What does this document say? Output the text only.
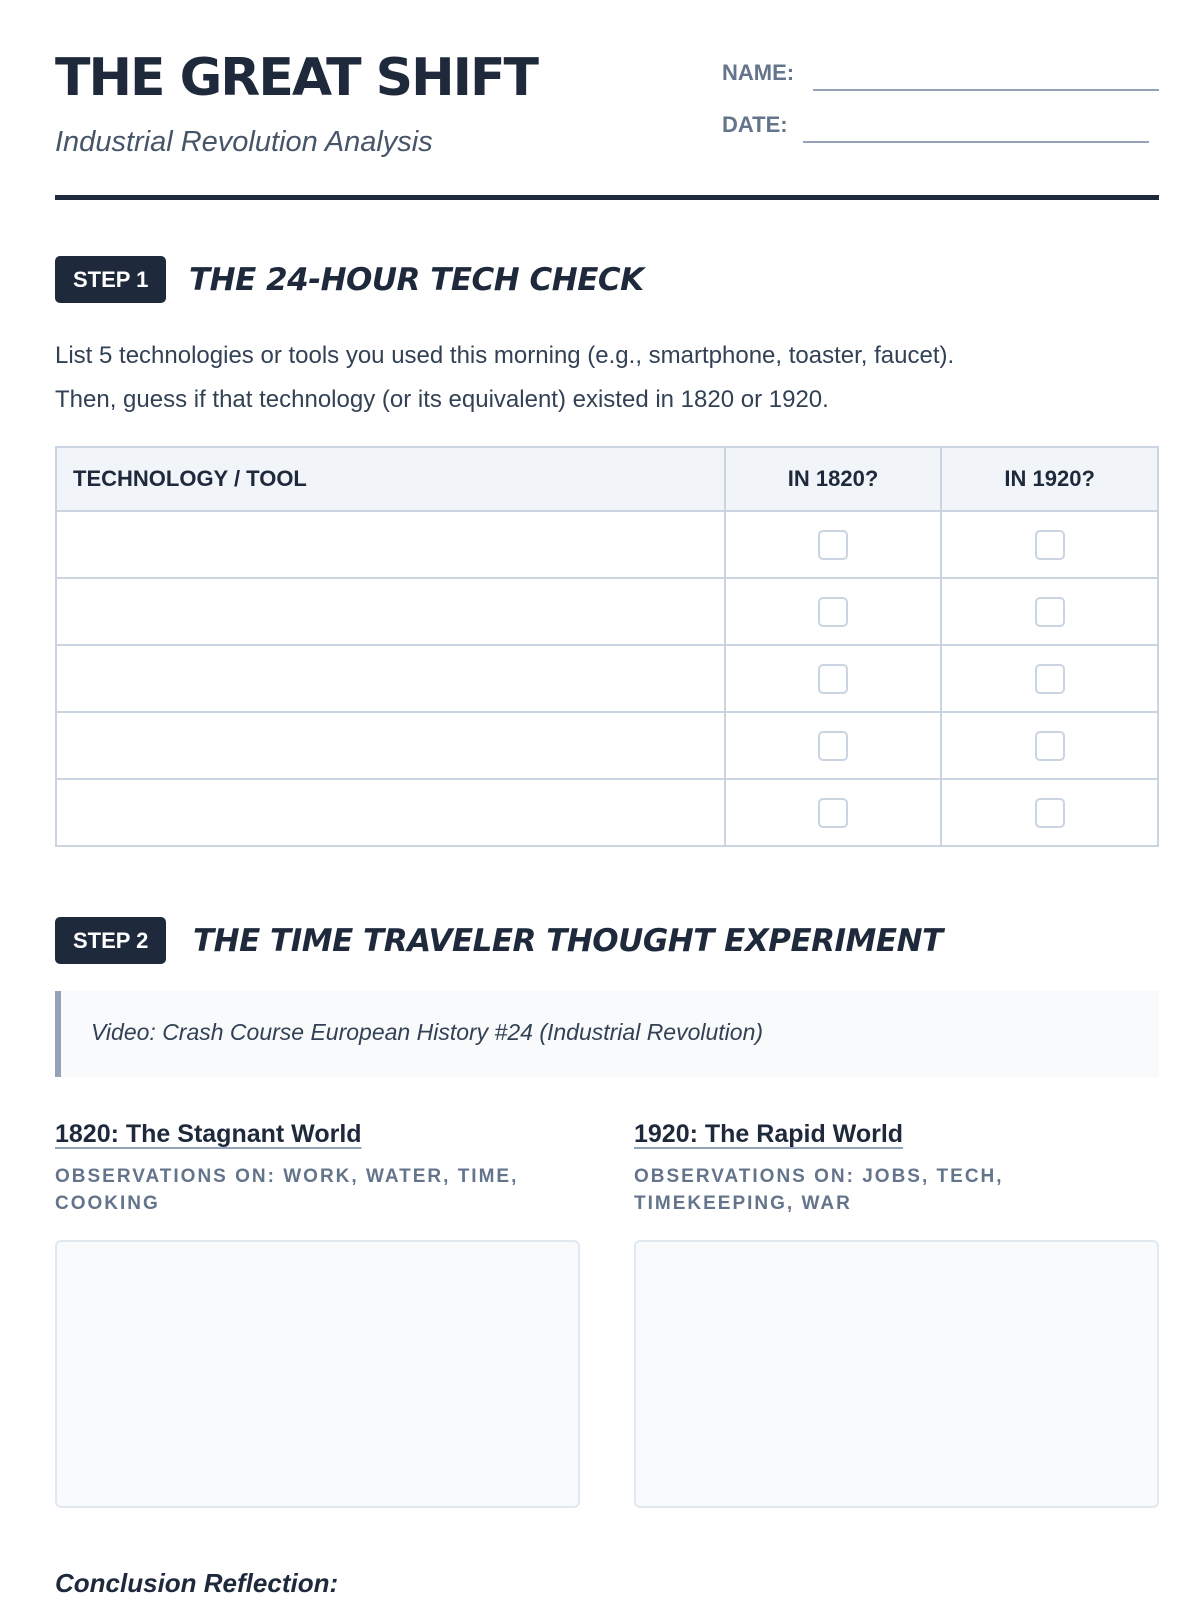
THE GREAT SHIFT
Industrial Revolution Analysis
NAME:
DATE:
STEP 1	THE 24-HOUR TECH CHECK
List 5 technologies or tools you used this morning (e.g., smartphone, toaster, faucet).
Then, guess if that technology (or its equivalent) existed in 1820 or 1920.
TECHNOLOGY / TOOL	IN 1820?	IN 1920?

STEP 2	THE TIME TRAVELER THOUGHT EXPERIMENT
Video: Crash Course European History #24 (Industrial Revolution)
1820: The Stagnant World
OBSERVATIONS ON: WORK, WATER, TIME,
COOKING
1920: The Rapid World
OBSERVATIONS ON: JOBS, TECH,
TIMEKEEPING, WAR
Conclusion Reflection:
